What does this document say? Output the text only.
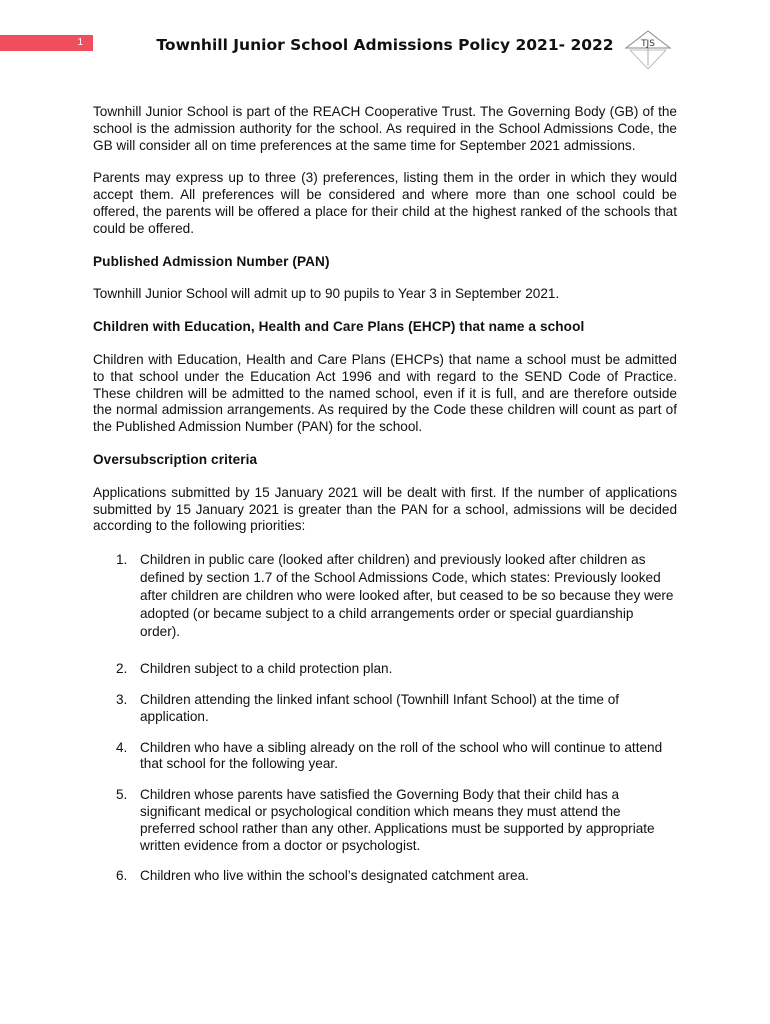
1	Townhill Junior School Admissions Policy 2021- 2022	TJS

Townhill Junior School is part of the REACH Cooperative Trust. The Governing Body (GB) of the school is the admission authority for the school. As required in the School Admissions Code, the GB will consider all on time preferences at the same time for September 2021 admissions.

Parents may express up to three (3) preferences, listing them in the order in which they would accept them. All preferences will be considered and where more than one school could be offered, the parents will be offered a place for their child at the highest ranked of the schools that could be offered.

Published Admission Number (PAN)

Townhill Junior School will admit up to 90 pupils to Year 3 in September 2021.

Children with Education, Health and Care Plans (EHCP) that name a school

Children with Education, Health and Care Plans (EHCPs) that name a school must be admitted to that school under the Education Act 1996 and with regard to the SEND Code of Practice. These children will be admitted to the named school, even if it is full, and are therefore outside the normal admission arrangements. As required by the Code these children will count as part of the Published Admission Number (PAN) for the school.

Oversubscription criteria

Applications submitted by 15 January 2021 will be dealt with first. If the number of applications submitted by 15 January 2021 is greater than the PAN for a school, admissions will be decided according to the following priorities:

1. Children in public care (looked after children) and previously looked after children as defined by section 1.7 of the School Admissions Code, which states: Previously looked after children are children who were looked after, but ceased to be so because they were adopted (or became subject to a child arrangements order or special guardianship order).
2. Children subject to a child protection plan.
3. Children attending the linked infant school (Townhill Infant School) at the time of application.
4. Children who have a sibling already on the roll of the school who will continue to attend that school for the following year.
5. Children whose parents have satisfied the Governing Body that their child has a significant medical or psychological condition which means they must attend the preferred school rather than any other. Applications must be supported by appropriate written evidence from a doctor or psychologist.
6. Children who live within the school’s designated catchment area.
